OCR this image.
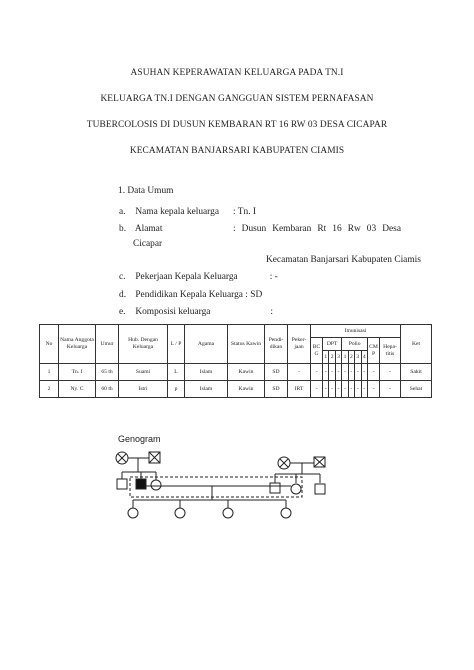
ASUHAN KEPERAWATAN KELUARGA PADA TN.I
KELUARGA TN.I DENGAN GANGGUAN SISTEM PERNAFASAN
TUBERCOLOSIS DI DUSUN KEMBARAN RT 16 RW 03 DESA CICAPAR
KECAMATAN BANJARSARI KABUPATEN CIAMIS
1. Data Umum
a. Nama kepala keluarga : Tn. I
b. Alamat	: Dusun Kembaran Rt 16 Rw 03 Desa
Cicapar
Kecamatan Banjarsari Kabupaten Ciamis
c. Pekerjaan Kepala Keluarga	: -
d. Pendidikan Kepala Keluarga : SD
e. Komposisi keluarga	:
No	Nama Anggota Keluarga	Umur	Hub. Dengan Keluarga	L / P	Agama	Status Kawin	Pendi- dikan	Peker- jaan	Imunisasi										Ket
									BC G	DPT			Polio				CM P	Hepa- titis	
										1	2	3	1	2	3	4			
1	Tn. I	65 th	Suami	L	Islam	Kawin	SD	-	-	-	-	-	-	-	-	-	-	-	Sakit
2	Ny. C	60 th	Istri	p	Islam	Kawin	SD	IRT	-	-	-	-	-	-	-	-	-	-	Sehat
Genogram
